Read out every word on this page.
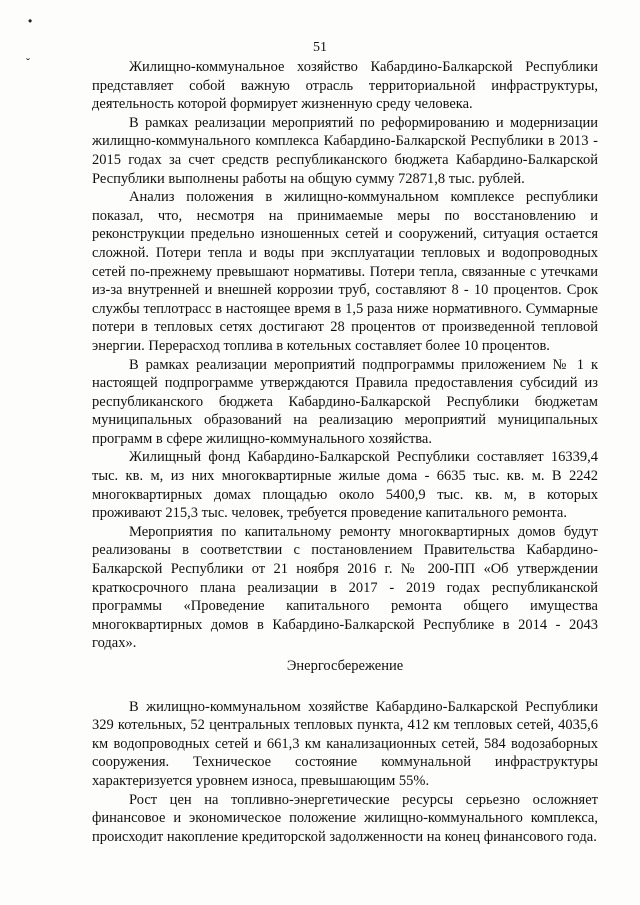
•
ˇ
51

Жилищно-коммунальное хозяйство Кабардино-Балкарской Республики представляет собой важную отрасль территориальной инфраструктуры, деятельность которой формирует жизненную среду человека.

В рамках реализации мероприятий по реформированию и модернизации жилищно-коммунального комплекса Кабардино-Балкарской Республики в 2013 - 2015 годах за счет средств республиканского бюджета Кабардино-Балкарской Республики выполнены работы на общую сумму 72871,8 тыс. рублей.

Анализ положения в жилищно-коммунальном комплексе республики показал, что, несмотря на принимаемые меры по восстановлению и реконструкции предельно изношенных сетей и сооружений, ситуация остается сложной. Потери тепла и воды при эксплуатации тепловых и водопроводных сетей по-прежнему превышают нормативы. Потери тепла, связанные с утечками из-за внутренней и внешней коррозии труб, составляют 8 - 10 процентов. Срок службы теплотрасс в настоящее время в 1,5 раза ниже нормативного. Суммарные потери в тепловых сетях достигают 28 процентов от произведенной тепловой энергии. Перерасход топлива в котельных составляет более 10 процентов.

В рамках реализации мероприятий подпрограммы приложением № 1 к настоящей подпрограмме утверждаются Правила предоставления субсидий из республиканского бюджета Кабардино-Балкарской Республики бюджетам муниципальных образований на реализацию мероприятий муниципальных программ в сфере жилищно-коммунального хозяйства.

Жилищный фонд Кабардино-Балкарской Республики составляет 16339,4 тыс. кв. м, из них многоквартирные жилые дома - 6635 тыс. кв. м. В 2242 многоквартирных домах площадью около 5400,9 тыс. кв. м, в которых проживают 215,3 тыс. человек, требуется проведение капитального ремонта.

Мероприятия по капитальному ремонту многоквартирных домов будут реализованы в соответствии с постановлением Правительства Кабардино-Балкарской Республики от 21 ноября 2016 г. № 200-ПП «Об утверждении краткосрочного плана реализации в 2017 - 2019 годах республиканской программы «Проведение капитального ремонта общего имущества многоквартирных домов в Кабардино-Балкарской Республике в 2014 - 2043 годах».

Энергосбережение

В жилищно-коммунальном хозяйстве Кабардино-Балкарской Республики 329 котельных, 52 центральных тепловых пункта, 412 км тепловых сетей, 4035,6 км водопроводных сетей и 661,3 км канализационных сетей, 584 водозаборных сооружения. Техническое состояние коммунальной инфраструктуры характеризуется уровнем износа, превышающим 55%.

Рост цен на топливно-энергетические ресурсы серьезно осложняет финансовое и экономическое положение жилищно-коммунального комплекса, происходит накопление кредиторской задолженности на конец финансового года.
